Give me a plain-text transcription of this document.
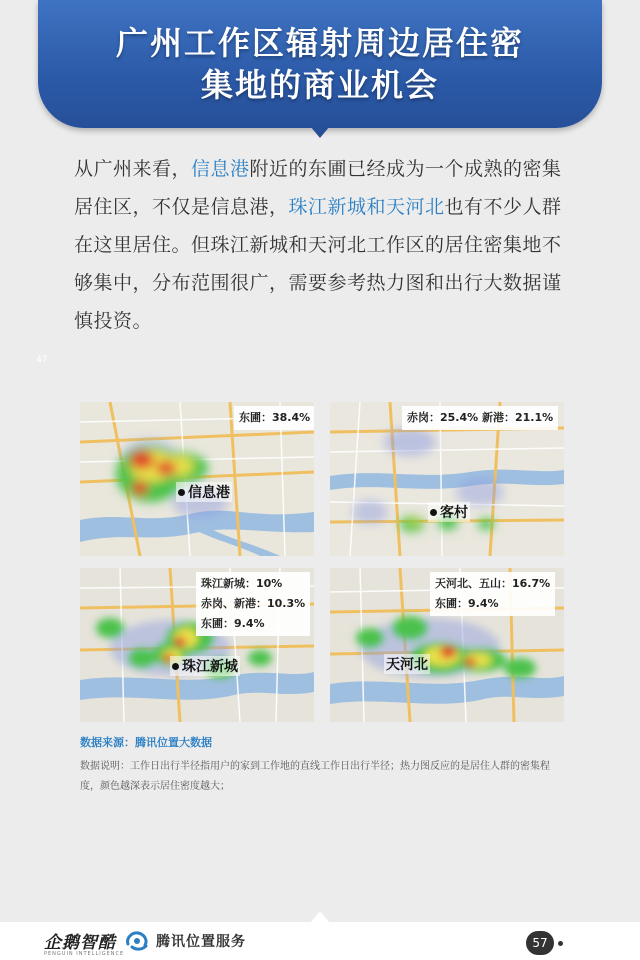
广州工作区辐射周边居住密
集地的商业机会
从广州来看，信息港附近的东圃已经成为一个成熟的密集居住区，不仅是信息港，珠江新城和天河北也有不少人群在这里居住。但珠江新城和天河北工作区的居住密集地不够集中，分布范围很广，需要参考热力图和出行大数据谨慎投资。
47
东圃：38.4%
信息港
赤岗：25.4% 新港：21.1%
客村
珠江新城：10%
赤岗、新港：10.3%
东圃：9.4%
珠江新城
天河北、五山：16.7%
东圃：9.4%
天河北
数据来源：腾讯位置大数据
数据说明：工作日出行半径指用户的家到工作地的直线工作日出行半径；热力图反应的是居住人群的密集程度，颜色越深表示居住密度越大；
企鹅智酷
PENGUIN INTELLIGENCE
腾讯位置服务	57
